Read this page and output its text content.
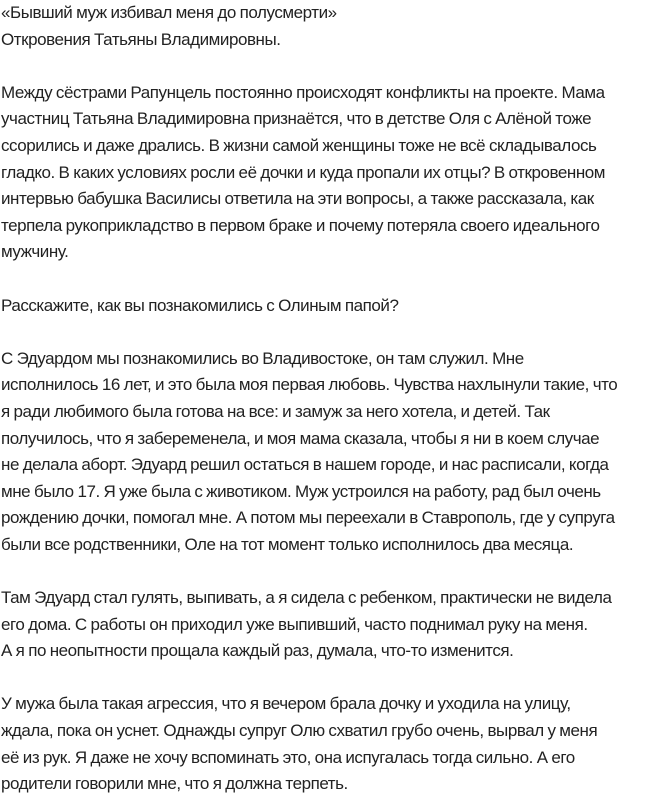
«Бывший муж избивал меня до полусмерти»
Откровения Татьяны Владимировны.
Между сёстрами Рапунцель постоянно происходят конфликты на проекте. Мама
участниц Татьяна Владимировна признаётся, что в детстве Оля с Алёной тоже
ссорились и даже дрались. В жизни самой женщины тоже не всё складывалось
гладко. В каких условиях росли её дочки и куда пропали их отцы? В откровенном
интервью бабушка Василисы ответила на эти вопросы, а также рассказала, как
терпела рукоприкладство в первом браке и почему потеряла своего идеального
мужчину.
Расскажите, как вы познакомились с Олиным папой?
С Эдуардом мы познакомились во Владивостоке, он там служил. Мне
исполнилось 16 лет, и это была моя первая любовь. Чувства нахлынули такие, что
я ради любимого была готова на все: и замуж за него хотела, и детей. Так
получилось, что я забеременела, и моя мама сказала, чтобы я ни в коем случае
не делала аборт. Эдуард решил остаться в нашем городе, и нас расписали, когда
мне было 17. Я уже была с животиком. Муж устроился на работу, рад был очень
рождению дочки, помогал мне. А потом мы переехали в Ставрополь, где у супруга
были все родственники, Оле на тот момент только исполнилось два месяца.
Там Эдуард стал гулять, выпивать, а я сидела с ребенком, практически не видела
его дома. С работы он приходил уже выпивший, часто поднимал руку на меня.
А я по неопытности прощала каждый раз, думала, что-то изменится.
У мужа была такая агрессия, что я вечером брала дочку и уходила на улицу,
ждала, пока он уснет. Однажды супруг Олю схватил грубо очень, вырвал у меня
её из рук. Я даже не хочу вспоминать это, она испугалась тогда сильно. А его
родители говорили мне, что я должна терпеть.
